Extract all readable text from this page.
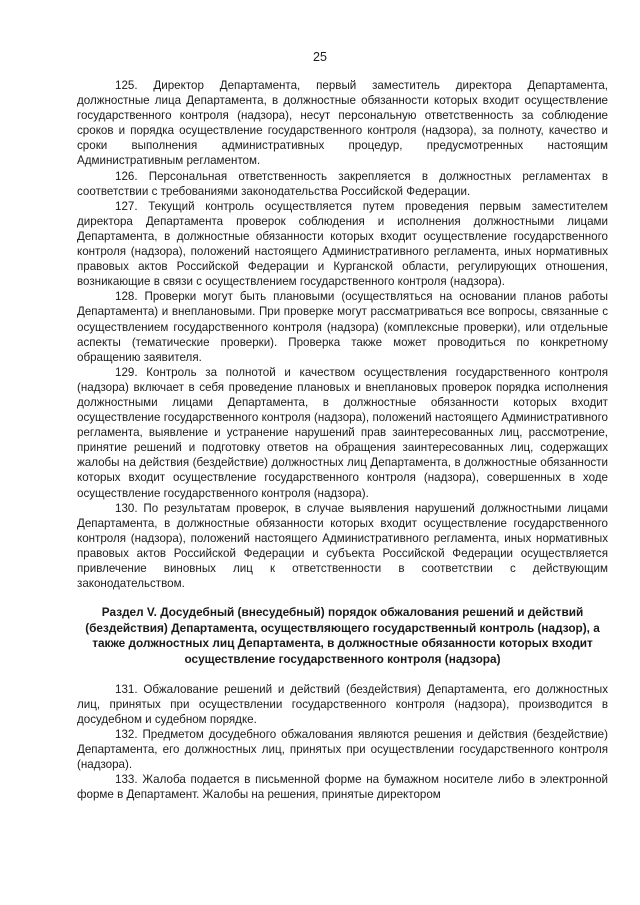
25

125. Директор Департамента, первый заместитель директора Департамента, должностные лица Департамента, в должностные обязанности которых входит осуществление государственного контроля (надзора), несут персональную ответственность за соблюдение сроков и порядка осуществление государственного контроля (надзора), за полноту, качество и сроки выполнения административных процедур, предусмотренных настоящим Административным регламентом.

126. Персональная ответственность закрепляется в должностных регламентах в соответствии с требованиями законодательства Российской Федерации.

127. Текущий контроль осуществляется путем проведения первым заместителем директора Департамента проверок соблюдения и исполнения должностными лицами Департамента, в должностные обязанности которых входит осуществление государственного контроля (надзора), положений настоящего Административного регламента, иных нормативных правовых актов Российской Федерации и Курганской области, регулирующих отношения, возникающие в связи с осуществлением государственного контроля (надзора).

128. Проверки могут быть плановыми (осуществляться на основании планов работы Департамента) и внеплановыми. При проверке могут рассматриваться все вопросы, связанные с осуществлением государственного контроля (надзора) (комплексные проверки), или отдельные аспекты (тематические проверки). Проверка также может проводиться по конкретному обращению заявителя.

129. Контроль за полнотой и качеством осуществления государственного контроля (надзора) включает в себя проведение плановых и внеплановых проверок порядка исполнения должностными лицами Департамента, в должностные обязанности которых входит осуществление государственного контроля (надзора), положений настоящего Административного регламента, выявление и устранение нарушений прав заинтересованных лиц, рассмотрение, принятие решений и подготовку ответов на обращения заинтересованных лиц, содержащих жалобы на действия (бездействие) должностных лиц Департамента, в должностные обязанности которых входит осуществление государственного контроля (надзора), совершенных в ходе осуществление государственного контроля (надзора).

130. По результатам проверок, в случае выявления нарушений должностными лицами Департамента, в должностные обязанности которых входит осуществление государственного контроля (надзора), положений настоящего Административного регламента, иных нормативных правовых актов Российской Федерации и субъекта Российской Федерации осуществляется привлечение виновных лиц к ответственности в соответствии с действующим законодательством.

Раздел V. Досудебный (внесудебный) порядок обжалования решений и действий (бездействия) Департамента, осуществляющего государственный контроль (надзор), а также должностных лиц Департамента, в должностные обязанности которых входит осуществление государственного контроля (надзора)

131. Обжалование решений и действий (бездействия) Департамента, его должностных лиц, принятых при осуществлении государственного контроля (надзора), производится в досудебном и судебном порядке.

132. Предметом досудебного обжалования являются решения и действия (бездействие) Департамента, его должностных лиц, принятых при осуществлении государственного контроля (надзора).

133. Жалоба подается в письменной форме на бумажном носителе либо в электронной форме в Департамент. Жалобы на решения, принятые директором
